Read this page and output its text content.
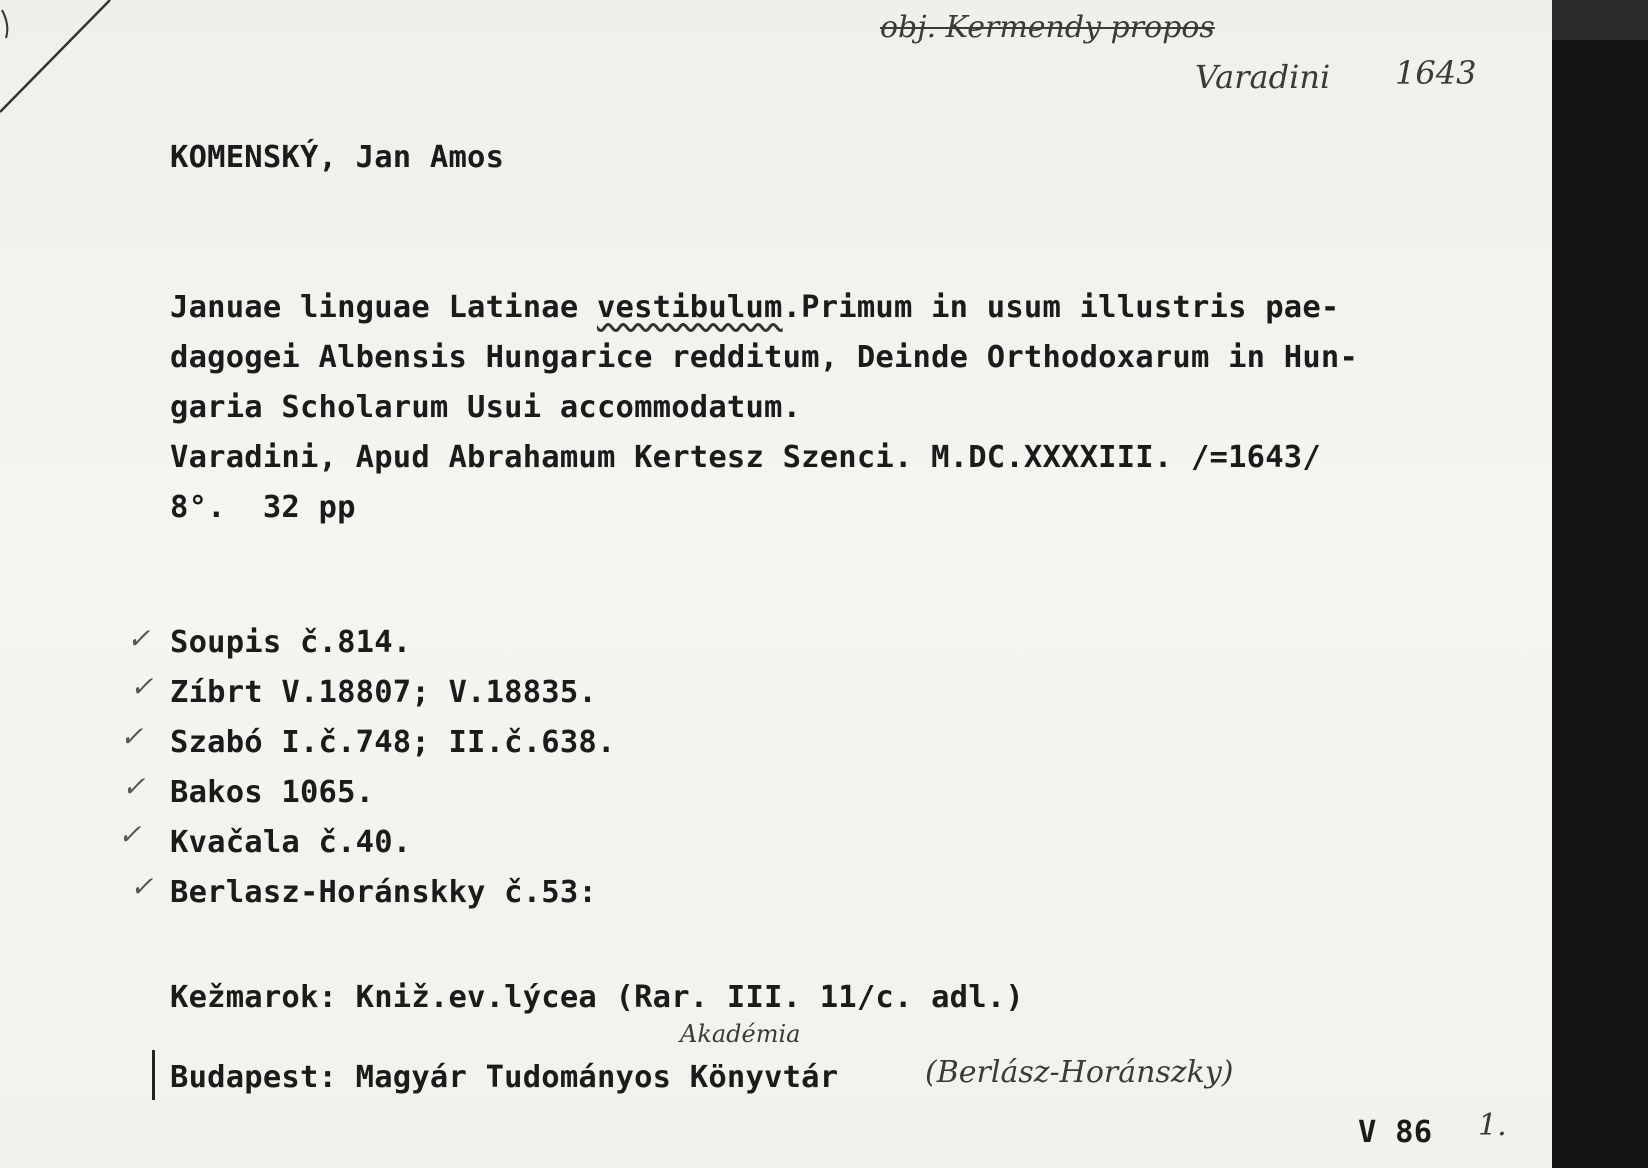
obj. Kermendy propos
Varadini 1643
KOMENSKÝ, Jan Amos
Januae linguae Latinae vestibulum.Primum in usum illustris pae-
dagogei Albensis Hungarice redditum, Deinde Orthodoxarum in Hun-
garia Scholarum Usui accommodatum.
Varadini, Apud Abrahamum Kertesz Szenci. M.DC.XXXXIII. /=1643/
8°.  32 pp
✓ Soupis č.814.
✓ Zíbrt V.18807; V.18835.
✓ Szabó I.č.748; II.č.638.
✓ Bakos 1065.
✓ Kvačala č.40.
✓ Berlasz-Horánskky č.53:
Kežmarok: Kniž.ev.lýcea (Rar. III. 11/c. adl.)
Akadémia
Budapest: Magyár Tudományos Könyvtár	(Berlász-Horánszky)
V 86 1.
